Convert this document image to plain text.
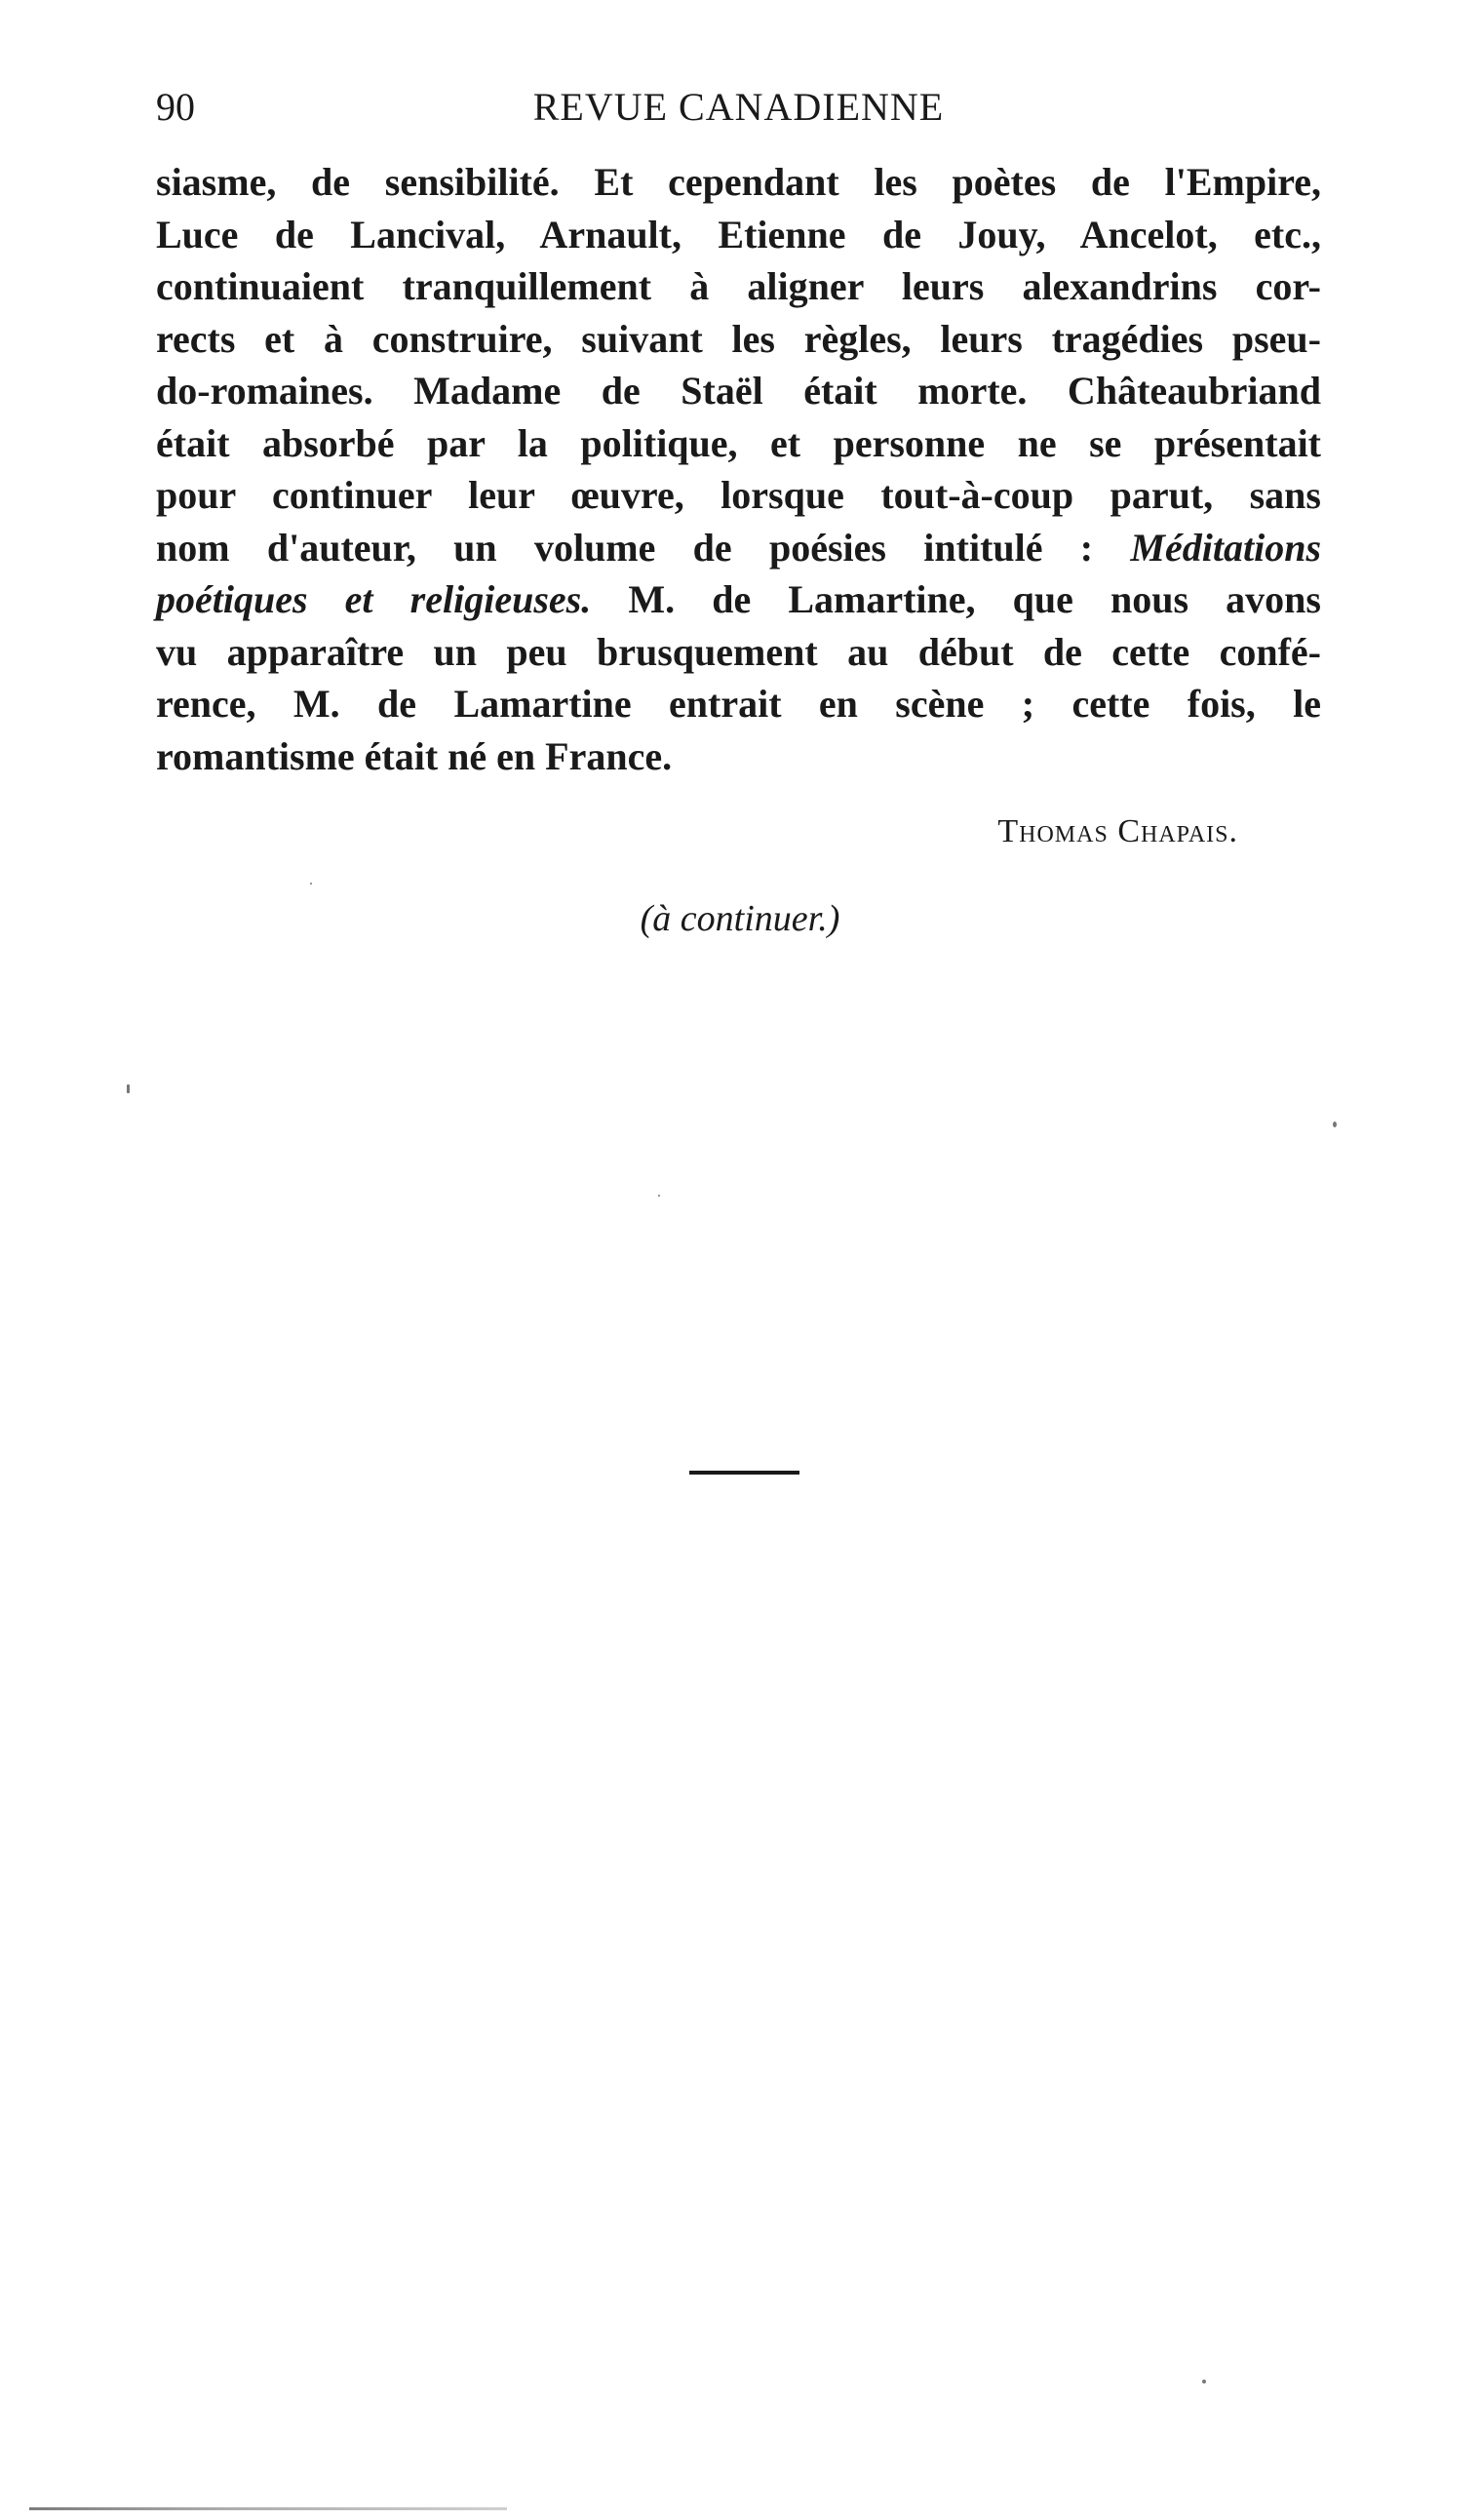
90	REVUE CANADIENNE
siasme, de sensibilité. Et cependant les poètes de l'Empire,
Luce de Lancival, Arnault, Etienne de Jouy, Ancelot, etc.,
continuaient tranquillement à aligner leurs alexandrins cor-
rects et à construire, suivant les règles, leurs tragédies pseu-
do-romaines. Madame de Staël était morte. Châteaubriand
était absorbé par la politique, et personne ne se présentait
pour continuer leur œuvre, lorsque tout-à-coup parut, sans
nom d'auteur, un volume de poésies intitulé : Méditations
poétiques et religieuses. M. de Lamartine, que nous avons
vu apparaître un peu brusquement au début de cette confé-
rence, M. de Lamartine entrait en scène ; cette fois, le
romantisme était né en France.
Thomas Chapais.
(à continuer.)
